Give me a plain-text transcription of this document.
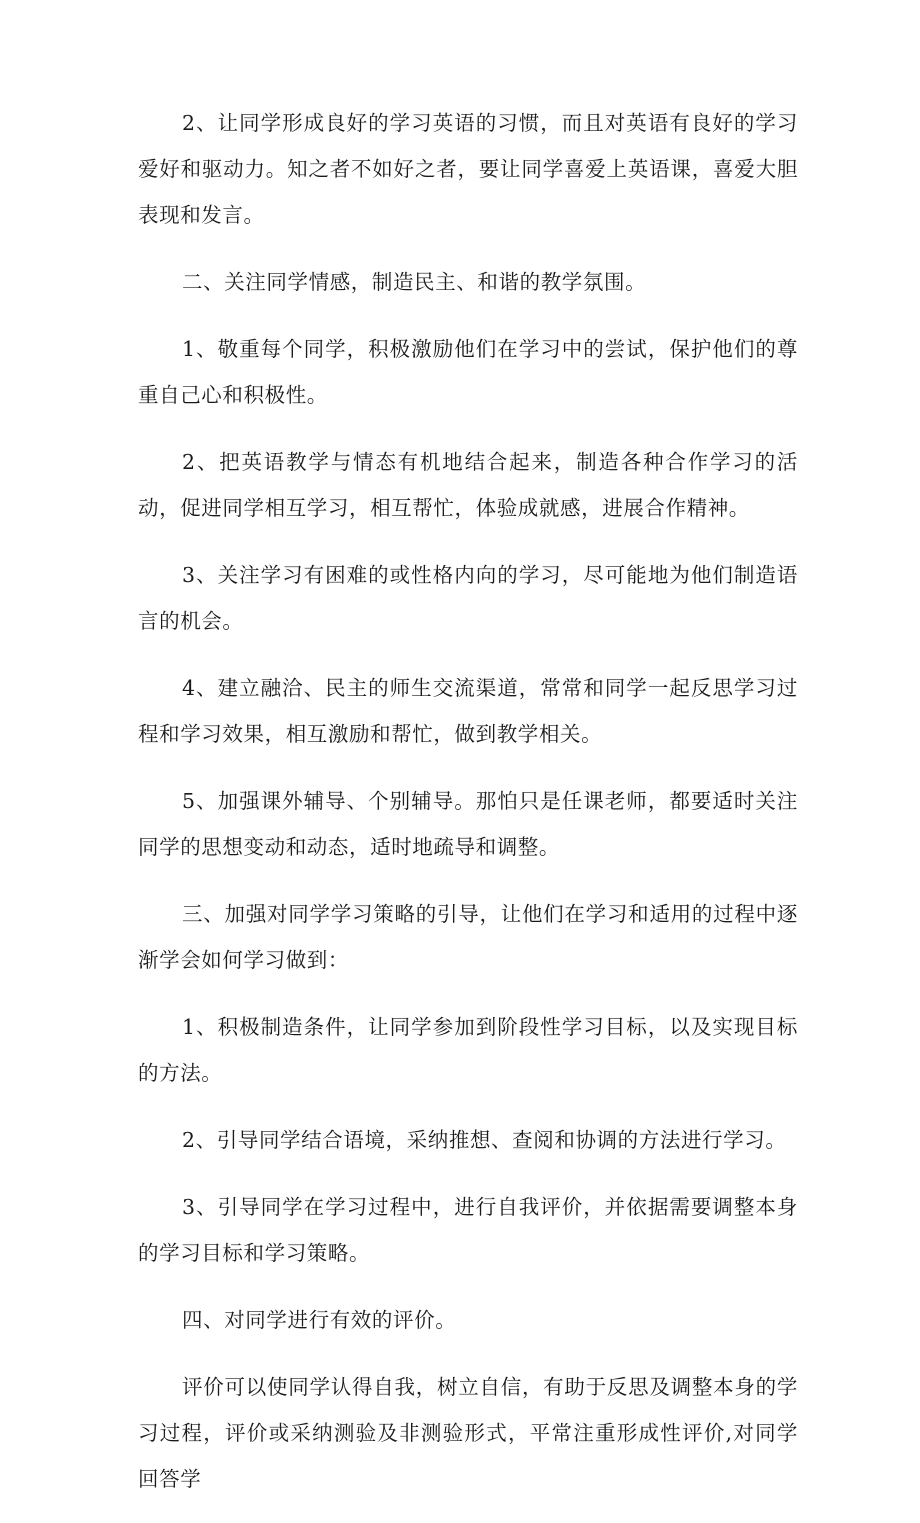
2、让同学形成良好的学习英语的习惯，而且对英语有良好的学习爱好和驱动力。知之者不如好之者，要让同学喜爱上英语课，喜爱大胆表现和发言。

二、关注同学情感，制造民主、和谐的教学氛围。

1、敬重每个同学，积极激励他们在学习中的尝试，保护他们的尊重自己心和积极性。

2、把英语教学与情态有机地结合起来，制造各种合作学习的活动，促进同学相互学习，相互帮忙，体验成就感，进展合作精神。

3、关注学习有困难的或性格内向的学习，尽可能地为他们制造语言的机会。

4、建立融洽、民主的师生交流渠道，常常和同学一起反思学习过程和学习效果，相互激励和帮忙，做到教学相关。

5、加强课外辅导、个别辅导。那怕只是任课老师，都要适时关注同学的思想变动和动态，适时地疏导和调整。

三、加强对同学学习策略的引导，让他们在学习和适用的过程中逐渐学会如何学习做到：

1、积极制造条件，让同学参加到阶段性学习目标，以及实现目标的方法。

2、引导同学结合语境，采纳推想、查阅和协调的方法进行学习。

3、引导同学在学习过程中，进行自我评价，并依据需要调整本身的学习目标和学习策略。

四、对同学进行有效的评价。

评价可以使同学认得自我，树立自信，有助于反思及调整本身的学习过程，评价或采纳测验及非测验形式，平常注重形成性评价,对同学回答学
